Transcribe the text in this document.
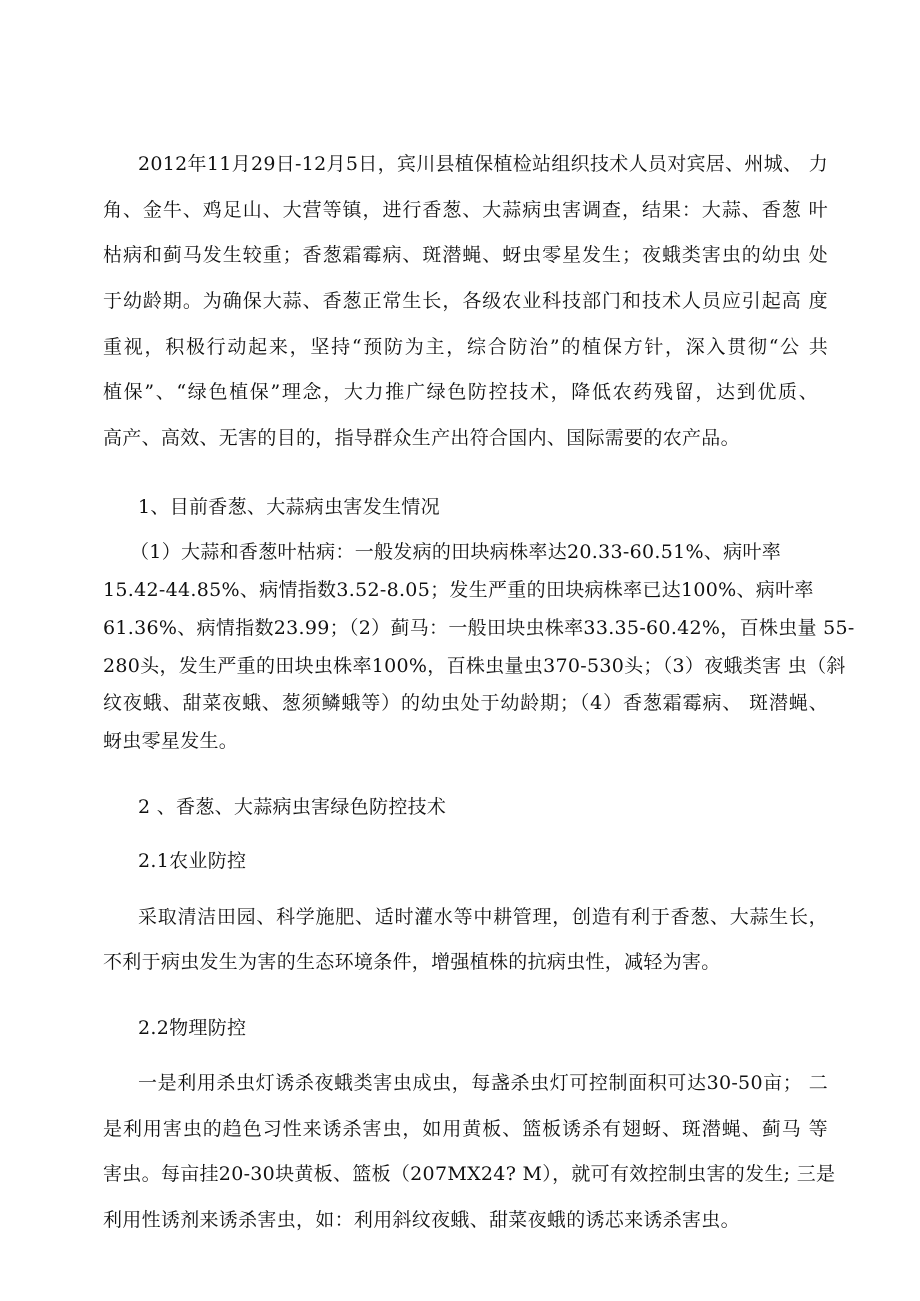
2012年11月29日-12月5日，宾川县植保植检站组织技术人员对宾居、州城、 力
角、金牛、鸡足山、大营等镇，进行香葱、大蒜病虫害调查，结果：大蒜、香葱 叶
枯病和蓟马发生较重；香葱霜霉病、斑潜蝇、蚜虫零星发生；夜蛾类害虫的幼虫 处
于幼龄期。为确保大蒜、香葱正常生长，各级农业科技部门和技术人员应引起高 度
重视，积极行动起来，坚持“预防为主，综合防治”的植保方针，深入贯彻“公 共
植保”、“绿色植保”理念，大力推广绿色防控技术，降低农药残留，达到优质、
高产、高效、无害的目的，指导群众生产出符合国内、国际需要的农产品。
1、目前香葱、大蒜病虫害发生情况
（1）大蒜和香葱叶枯病：一般发病的田块病株率达20.33-60.51%、病叶率
15.42-44.85%、病情指数3.52-8.05；发生严重的田块病株率已达100%、病叶率
61.36%、病情指数23.99；（2）蓟马：一般田块虫株率33.35-60.42%，百株虫量 55-
280头，发生严重的田块虫株率100%，百株虫量虫370-530头；（3）夜蛾类害 虫（斜
纹夜蛾、甜菜夜蛾、葱须鳞蛾等）的幼虫处于幼龄期；（4）香葱霜霉病、 斑潜蝇、
蚜虫零星发生。
2 、香葱、大蒜病虫害绿色防控技术
2.1农业防控
采取清洁田园、科学施肥、适时灌水等中耕管理，创造有利于香葱、大蒜生长，
不利于病虫发生为害的生态环境条件，增强植株的抗病虫性，减轻为害。
2.2物理防控
一是利用杀虫灯诱杀夜蛾类害虫成虫，每盏杀虫灯可控制面积可达30-50亩； 二
是利用害虫的趋色习性来诱杀害虫，如用黄板、篮板诱杀有翅蚜、斑潜蝇、蓟马 等
害虫。每亩挂20-30块黄板、篮板（207MX24? M），就可有效控制虫害的发生; 三是
利用性诱剂来诱杀害虫，如：利用斜纹夜蛾、甜菜夜蛾的诱芯来诱杀害虫。
